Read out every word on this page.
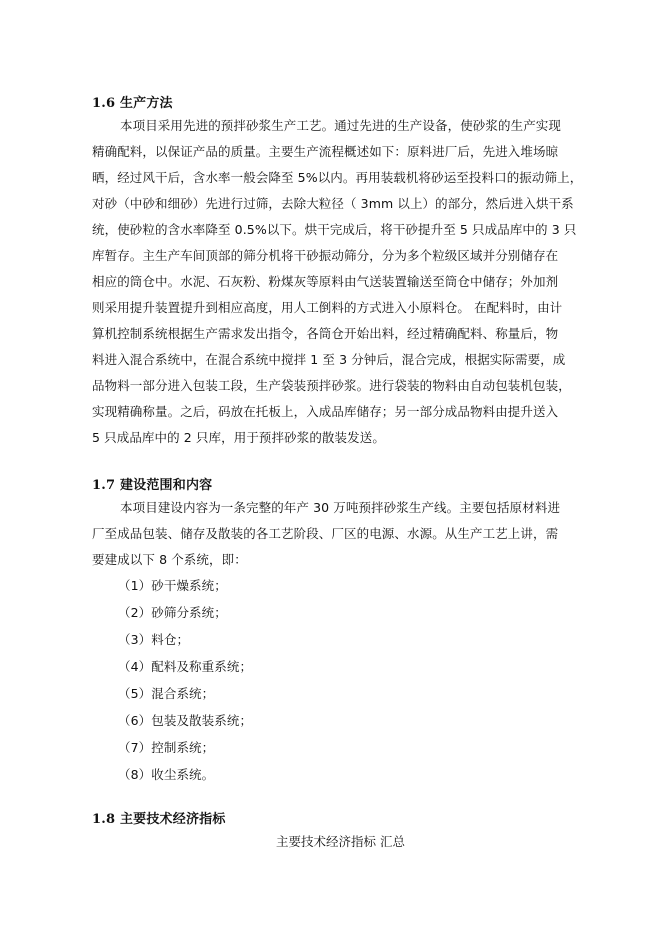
1.6 生产方法
本项目采用先进的预拌砂浆生产工艺。通过先进的生产设备，使砂浆的生产实现
精确配料，以保证产品的质量。主要生产流程概述如下：原料进厂后，先进入堆场晾
晒，经过风干后，含水率一般会降至 5%以内。再用装载机将砂运至投料口的振动筛上，
对砂（中砂和细砂）先进行过筛，去除大粒径（ 3mm 以上）的部分，然后进入烘干系
统，使砂粒的含水率降至 0.5%以下。烘干完成后，将干砂提升至 5 只成品库中的 3 只
库暂存。主生产车间顶部的筛分机将干砂振动筛分，分为多个粒级区域并分别储存在
相应的筒仓中。水泥、石灰粉、粉煤灰等原料由气送装置输送至筒仓中储存；外加剂
则采用提升装置提升到相应高度，用人工倒料的方式进入小原料仓。 在配料时，由计
算机控制系统根据生产需求发出指令，各筒仓开始出料，经过精确配料、称量后，物
料进入混合系统中，在混合系统中搅拌 1 至 3 分钟后，混合完成，根据实际需要，成
品物料一部分进入包装工段，生产袋装预拌砂浆。进行袋装的物料由自动包装机包装，
实现精确称量。之后，码放在托板上，入成品库储存；另一部分成品物料由提升送入
5 只成品库中的 2 只库，用于预拌砂浆的散装发送。
1.7 建设范围和内容
本项目建设内容为一条完整的年产 30 万吨预拌砂浆生产线。主要包括原材料进
厂至成品包装、储存及散装的各工艺阶段、厂区的电源、水源。从生产工艺上讲，需
要建成以下 8 个系统，即：
（1）砂干燥系统；
（2）砂筛分系统；
（3）料仓；
（4）配料及称重系统；
（5）混合系统；
（6）包装及散装系统；
（7）控制系统；
（8）收尘系统。
1.8 主要技术经济指标
主要技术经济指标 汇总
